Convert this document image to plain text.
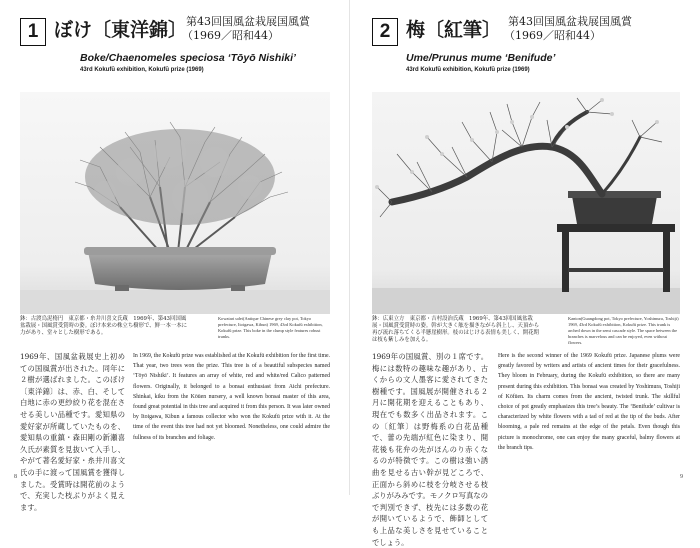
1 ぼけ〔東洋錦〕
第43回国風盆栽展国風賞
（1969／昭和44）
Boke/Chaenomeles speciosa ‘Tōyō Nishiki’
43rd Kokufū exhibition, Kokufū prize (1969)
鉢：古渡烏泥楕円　東京都・糸井川喜文氏蔵　1969年、第43回国風盆栽展・国風賞受賞時の姿。ぼけ本来の株立ち樹形で、鮮一本一本に力があり、堂々とした樹形である。
Kowatari udei(Antique Chinese grey clay pot, Tokyo prefecture, Itoigawa, Kibun) 1969, 43rd Kokufū exhibition, Kokufū prize. This boke in the clump style features robust trunks.
1969年、国風盆栽展史上初めての国風賞が出された。同年に２樹が選ばれました。このぼけ〔東洋錦〕は、赤、白、そして白地に赤の更紗絞り花を混在させる美しい品種です。愛知県の愛好家が所蔵していたものを、愛知県の重鎮・森田剛の新瀬喜久氏が素質を見抜いて入手し、やがて著名愛好家・糸井川喜文氏の手に渡って国風賞を獲得しました。受賞時は開花前のようで、充実した枝ぶりがよく見えます。
In 1969, the Kokufū prize was established at the Kokufū exhibition for the first time. That year, two trees won the prize. This tree is of a beautiful subspecies named ‘Tōyō Nishiki’. It features an array of white, red and white/red Calico patterned flowers. Originally, it belonged to a bonsai enthusiast from Aichi prefecture. Shinkai, kiku from the Kōūen nursery, a well known bonsai master of this area, found great potential in this tree and acquired it from this person. It was later owned by Itoigawa, Kibun a famous collector who won the Kokufū prize with it. At the time of the event this tree had not yet bloomed. Nonetheless, one could admire the fullness of its branches and foliage.
8
2 梅〔紅筆〕 第43回国風盆栽展国風賞
（1969／昭和44）
Ume/Prunus mume ‘Benifude’
43rd Kokufū exhibition, Kokufū prize (1969)
鉢：広東立方　東京都・吉村設治氏蔵　1969年、第43回国風盆栽展・国風賞受賞時の姿。幹が大きく舷を描きながら斜上し、天頂から再び流れ落ちてくる半懸崖樹形。枝のはじける表情も美しく、開花期は枝も紫しみを加える。
Kanton(Guangdong pot, Tokyo prefecture, Yoshimura, Toshiji) 1969, 43rd Kokufū exhibition, Kokufū prize. This trunk is arched down in the semi cascade style. The space between the branches is marvelous and can be enjoyed, even without flowers.
1969年の国風賞、別の１席です。梅には数特の趣味な趣があり、古くからの文人墨客に愛されてきた樹種です。国風展が開催される２月に開花期を迎えることもあり、現在でも数多く出品されます。この〔紅筆〕は野梅系の白花品種で、蕾の先端が紅色に染まり、開花後も花弁の先がほんのり赤くなるのが特徴です。この樹は強い誘曲を見せる古い幹が見どころで、正面から斜めに枝を分岐させる枝ぶりがみみです。モノクロ写真なので判別できず、枝先には多数の花が開いているようで、飾師としても上品な美しさを見せていることでしょう。
Here is the second winner of the 1969 Kokufū prize. Japanese plums were greatly favored by writers and artists of ancient times for their gracefulness. They bloom in February, during the Kokufū exhibition, so there are many present during this exhibition. This bonsai was created by Yoshimura, Toshiji of Kōfūen. Its charm comes from the ancient, twisted trunk. The skillful choice of pot greatly emphasizes this tree’s beauty. The ‘Benifude’ cultivar is characterized by white flowers with a tad of red at the tip of the buds. After blooming, a pale red remains at the edge of the petals. Even though this picture is monochrome, one can enjoy the many graceful, balmy flowers at the branch tips.
9
